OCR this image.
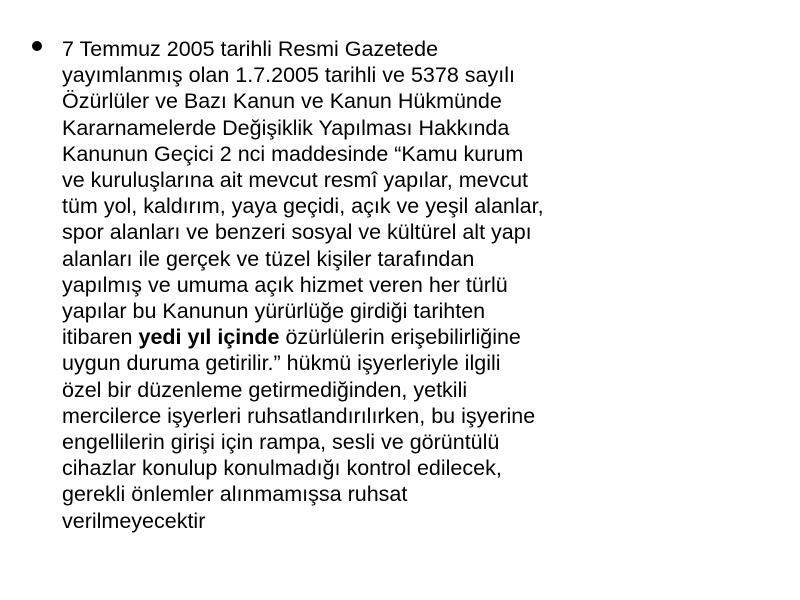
7 Temmuz 2005 tarihli Resmi Gazetede
yayımlanmış olan 1.7.2005 tarihli ve 5378 sayılı
Özürlüler ve Bazı Kanun ve Kanun Hükmünde
Kararnamelerde Değişiklik Yapılması Hakkında
Kanunun Geçici 2 nci maddesinde “Kamu kurum
ve kuruluşlarına ait mevcut resmî yapılar, mevcut
tüm yol, kaldırım, yaya geçidi, açık ve yeşil alanlar,
spor alanları ve benzeri sosyal ve kültürel alt yapı
alanları ile gerçek ve tüzel kişiler tarafından
yapılmış ve umuma açık hizmet veren her türlü
yapılar bu Kanunun yürürlüğe girdiği tarihten
itibaren yedi yıl içinde özürlülerin erişebilirliğine
uygun duruma getirilir.” hükmü işyerleriyle ilgili
özel bir düzenleme getirmediğinden, yetkili
mercilerce işyerleri ruhsatlandırılırken, bu işyerine
engellilerin girişi için rampa, sesli ve görüntülü
cihazlar konulup konulmadığı kontrol edilecek,
gerekli önlemler alınmamışsa ruhsat
verilmeyecektir
